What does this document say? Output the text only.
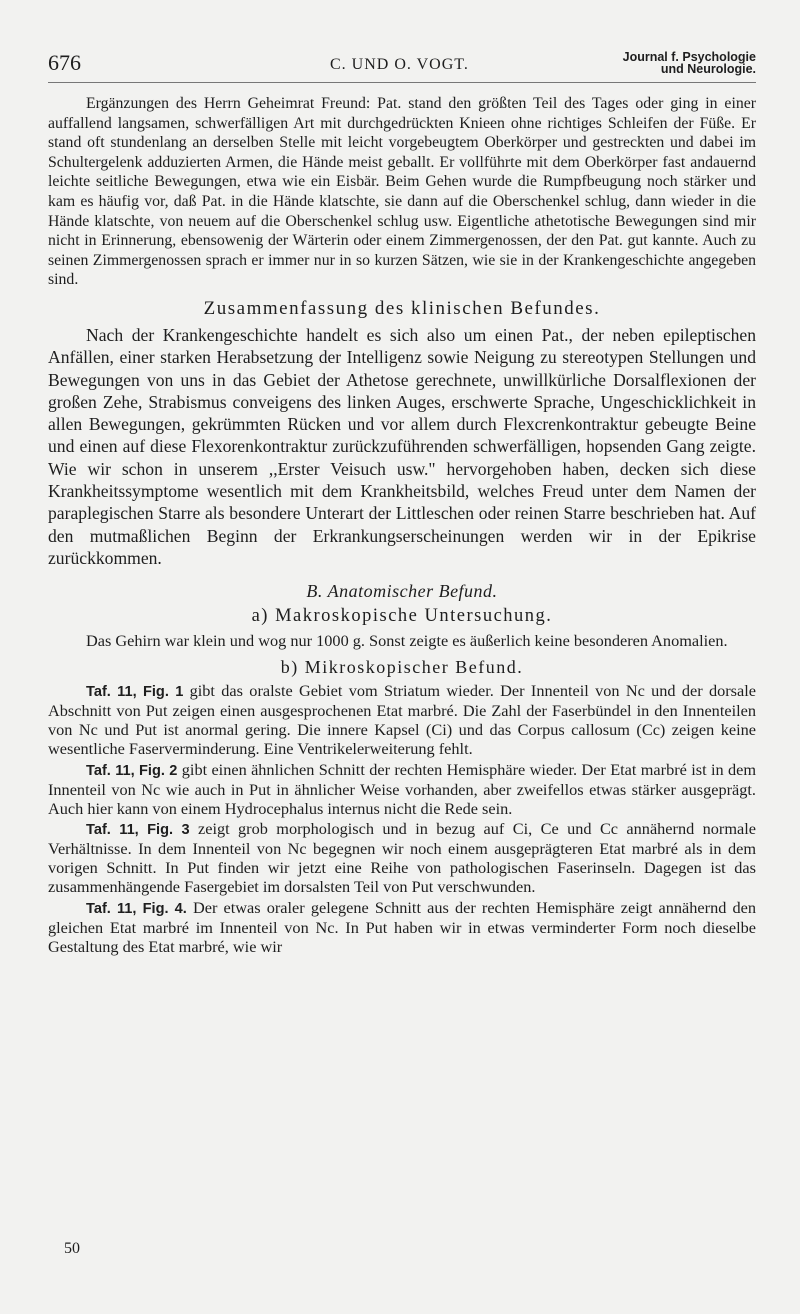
676	C. UND O. VOGT.	Journal f. Psychologie
und Neurologie.

Ergänzungen des Herrn Geheimrat Freund: Pat. stand den größten Teil des Tages oder ging in einer auffallend langsamen, schwerfälligen Art mit durchgedrückten Knieen ohne richtiges Schleifen der Füße. Er stand oft stundenlang an derselben Stelle mit leicht vorgebeugtem Oberkörper und gestreckten und dabei im Schultergelenk adduzierten Armen, die Hände meist geballt. Er vollführte mit dem Oberkörper fast andauernd leichte seitliche Bewegungen, etwa wie ein Eisbär. Beim Gehen wurde die Rumpfbeugung noch stärker und kam es häufig vor, daß Pat. in die Hände klatschte, sie dann auf die Oberschenkel schlug, dann wieder in die Hände klatschte, von neuem auf die Oberschenkel schlug usw. Eigentliche athetotische Bewegungen sind mir nicht in Erinnerung, ebensowenig der Wärterin oder einem Zimmergenossen, der den Pat. gut kannte. Auch zu seinen Zimmergenossen sprach er immer nur in so kurzen Sätzen, wie sie in der Krankengeschichte angegeben sind.

Zusammenfassung des klinischen Befundes.

Nach der Krankengeschichte handelt es sich also um einen Pat., der neben epileptischen Anfällen, einer starken Herabsetzung der Intelligenz sowie Neigung zu stereotypen Stellungen und Bewegungen von uns in das Gebiet der Athetose gerechnete, unwillkürliche Dorsalflexionen der großen Zehe, Strabismus conveigens des linken Auges, erschwerte Sprache, Ungeschicklichkeit in allen Bewegungen, gekrümmten Rücken und vor allem durch Flexcrenkontraktur gebeugte Beine und einen auf diese Flexorenkontraktur zurückzuführenden schwerfälligen, hopsenden Gang zeigte. Wie wir schon in unserem ,,Erster Veisuch usw." hervorgehoben haben, decken sich diese Krankheitssymptome wesentlich mit dem Krankheitsbild, welches Freud unter dem Namen der paraplegischen Starre als besondere Unterart der Littleschen oder reinen Starre beschrieben hat. Auf den mutmaßlichen Beginn der Erkrankungserscheinungen werden wir in der Epikrise zurückkommen.

B. Anatomischer Befund.
a) Makroskopische Untersuchung.

Das Gehirn war klein und wog nur 1000 g. Sonst zeigte es äußerlich keine besonderen Anomalien.

b) Mikroskopischer Befund.

Taf. 11, Fig. 1 gibt das oralste Gebiet vom Striatum wieder. Der Innenteil von Nc und der dorsale Abschnitt von Put zeigen einen ausgesprochenen Etat marbré. Die Zahl der Faserbündel in den Innenteilen von Nc und Put ist anormal gering. Die innere Kapsel (Ci) und das Corpus callosum (Cc) zeigen keine wesentliche Faserverminderung. Eine Ventrikelerweiterung fehlt.

Taf. 11, Fig. 2 gibt einen ähnlichen Schnitt der rechten Hemisphäre wieder. Der Etat marbré ist in dem Innenteil von Nc wie auch in Put in ähnlicher Weise vorhanden, aber zweifellos etwas stärker ausgeprägt. Auch hier kann von einem Hydrocephalus internus nicht die Rede sein.

Taf. 11, Fig. 3 zeigt grob morphologisch und in bezug auf Ci, Ce und Cc annähernd normale Verhältnisse. In dem Innenteil von Nc begegnen wir noch einem ausgeprägteren Etat marbré als in dem vorigen Schnitt. In Put finden wir jetzt eine Reihe von pathologischen Faserinseln. Dagegen ist das zusammenhängende Fasergebiet im dorsalsten Teil von Put verschwunden.

Taf. 11, Fig. 4. Der etwas oraler gelegene Schnitt aus der rechten Hemisphäre zeigt annähernd den gleichen Etat marbré im Innenteil von Nc. In Put haben wir in etwas verminderter Form noch dieselbe Gestaltung des Etat marbré, wie wir

50
